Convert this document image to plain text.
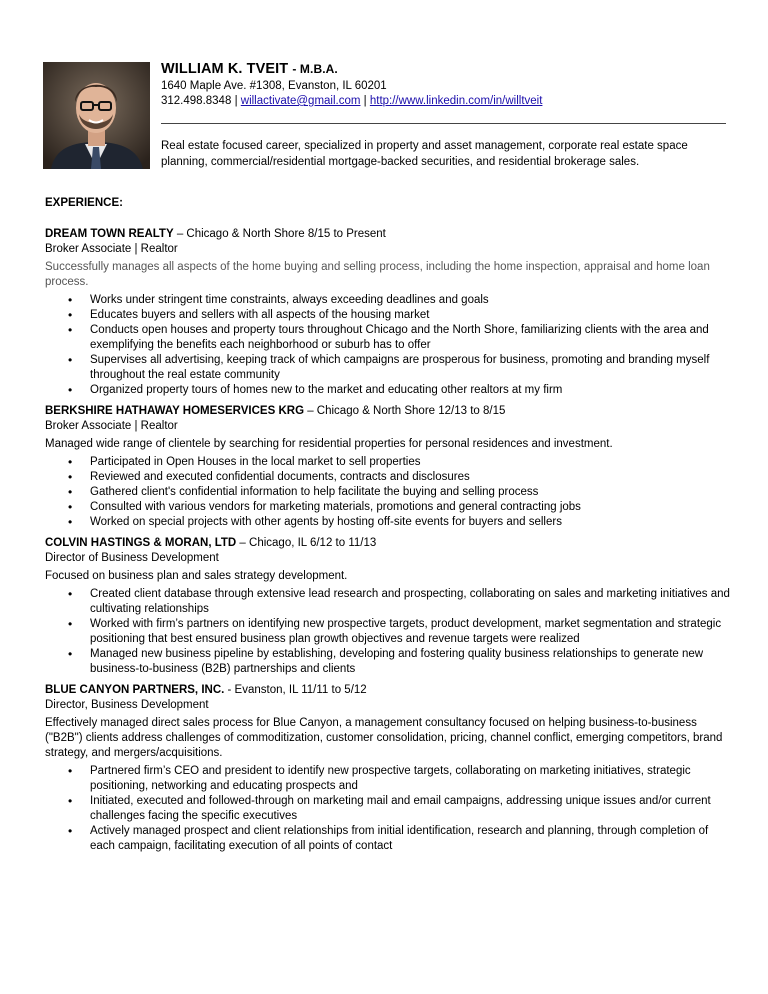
WILLIAM K. TVEIT - M.B.A.
1640 Maple Ave. #1308, Evanston, IL 60201
312.498.8348 | willactivate@gmail.com | http://www.linkedin.com/in/willtveit
Real estate focused career, specialized in property and asset management, corporate real estate space planning, commercial/residential mortgage-backed securities, and residential brokerage sales.
EXPERIENCE:
DREAM TOWN REALTY – Chicago & North Shore 8/15 to Present
Broker Associate | Realtor
Successfully manages all aspects of the home buying and selling process, including the home inspection, appraisal and home loan process.
• Works under stringent time constraints, always exceeding deadlines and goals
• Educates buyers and sellers with all aspects of the housing market
• Conducts open houses and property tours throughout Chicago and the North Shore, familiarizing clients with the area and exemplifying the benefits each neighborhood or suburb has to offer
• Supervises all advertising, keeping track of which campaigns are prosperous for business, promoting and branding myself throughout the real estate community
• Organized property tours of homes new to the market and educating other realtors at my firm
BERKSHIRE HATHAWAY HOMESERVICES KRG – Chicago & North Shore 12/13 to 8/15
Broker Associate | Realtor
Managed wide range of clientele by searching for residential properties for personal residences and investment.
• Participated in Open Houses in the local market to sell properties
• Reviewed and executed confidential documents, contracts and disclosures
• Gathered client's confidential information to help facilitate the buying and selling process
• Consulted with various vendors for marketing materials, promotions and general contracting jobs
• Worked on special projects with other agents by hosting off-site events for buyers and sellers
COLVIN HASTINGS & MORAN, LTD – Chicago, IL 6/12 to 11/13
Director of Business Development
Focused on business plan and sales strategy development.
• Created client database through extensive lead research and prospecting, collaborating on sales and marketing initiatives and cultivating relationships
• Worked with firm’s partners on identifying new prospective targets, product development, market segmentation and strategic positioning that best ensured business plan growth objectives and revenue targets were realized
• Managed new business pipeline by establishing, developing and fostering quality business relationships to generate new business-to-business (B2B) partnerships and clients
BLUE CANYON PARTNERS, INC. - Evanston, IL 11/11 to 5/12
Director, Business Development
Effectively managed direct sales process for Blue Canyon, a management consultancy focused on helping business-to-business ("B2B") clients address challenges of commoditization, customer consolidation, pricing, channel conflict, emerging competitors, brand strategy, and mergers/acquisitions.
• Partnered firm’s CEO and president to identify new prospective targets, collaborating on marketing initiatives, strategic positioning, networking and educating prospects and
• Initiated, executed and followed-through on marketing mail and email campaigns, addressing unique issues and/or current challenges facing the specific executives
• Actively managed prospect and client relationships from initial identification, research and planning, through completion of each campaign, facilitating execution of all points of contact
